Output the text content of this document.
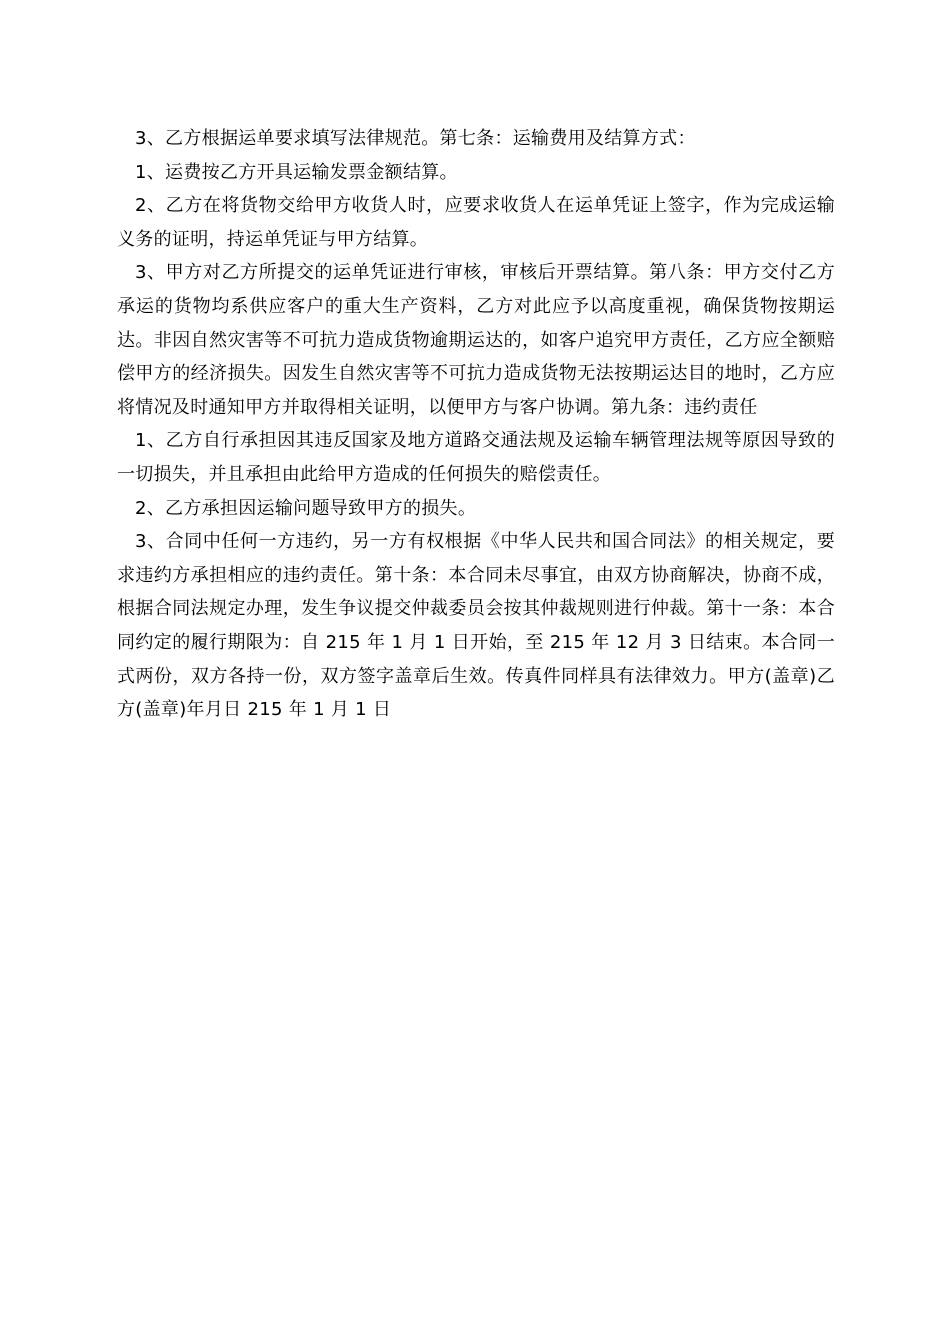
3、乙方根据运单要求填写法律规范。第七条：运输费用及结算方式：

1、运费按乙方开具运输发票金额结算。

2、乙方在将货物交给甲方收货人时，应要求收货人在运单凭证上签字，作为完成运输义务的证明，持运单凭证与甲方结算。

3、甲方对乙方所提交的运单凭证进行审核，审核后开票结算。第八条：甲方交付乙方承运的货物均系供应客户的重大生产资料，乙方对此应予以高度重视，确保货物按期运达。非因自然灾害等不可抗力造成货物逾期运达的，如客户追究甲方责任，乙方应全额赔偿甲方的经济损失。因发生自然灾害等不可抗力造成货物无法按期运达目的地时，乙方应将情况及时通知甲方并取得相关证明，以便甲方与客户协调。第九条：违约责任

1、乙方自行承担因其违反国家及地方道路交通法规及运输车辆管理法规等原因导致的一切损失，并且承担由此给甲方造成的任何损失的赔偿责任。

2、乙方承担因运输问题导致甲方的损失。

3、合同中任何一方违约，另一方有权根据《中华人民共和国合同法》的相关规定，要求违约方承担相应的违约责任。第十条：本合同未尽事宜，由双方协商解决，协商不成，根据合同法规定办理，发生争议提交仲裁委员会按其仲裁规则进行仲裁。第十一条：本合同约定的履行期限为：自 215 年 1 月 1 日开始，至 215 年 12 月 3 日结束。本合同一式两份，双方各持一份，双方签字盖章后生效。传真件同样具有法律效力。甲方(盖章)乙方(盖章)年月日 215 年 1 月 1 日
